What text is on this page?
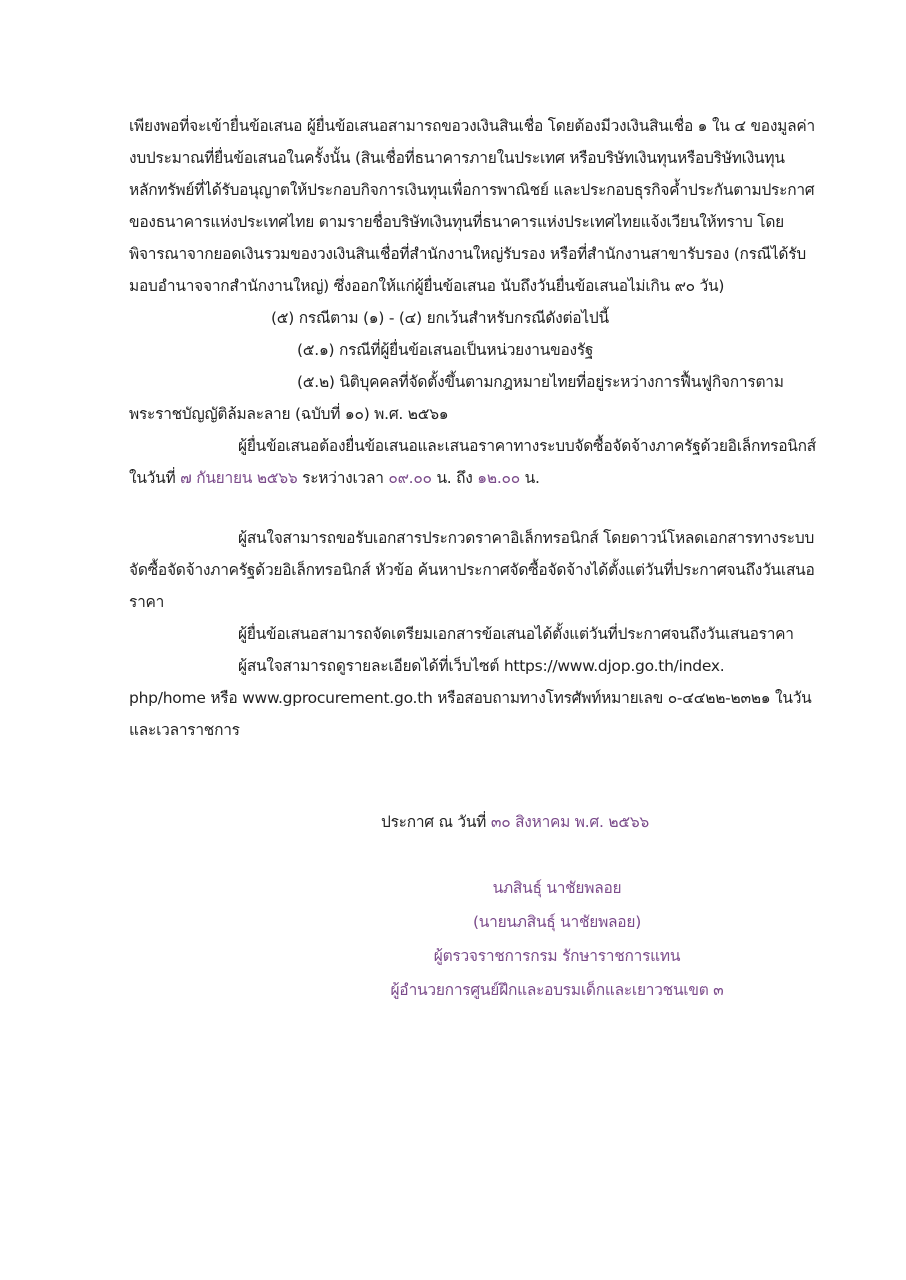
เพียงพอที่จะเข้ายื่นข้อเสนอ ผู้ยื่นข้อเสนอสามารถขอวงเงินสินเชื่อ โดยต้องมีวงเงินสินเชื่อ ๑ ใน ๔ ของมูลค่า

งบประมาณที่ยื่นข้อเสนอในครั้งนั้น (สินเชื่อที่ธนาคารภายในประเทศ หรือบริษัทเงินทุนหรือบริษัทเงินทุน

หลักทรัพย์ที่ได้รับอนุญาตให้ประกอบกิจการเงินทุนเพื่อการพาณิชย์ และประกอบธุรกิจค้ำประกันตามประกาศ

ของธนาคารแห่งประเทศไทย ตามรายชื่อบริษัทเงินทุนที่ธนาคารแห่งประเทศไทยแจ้งเวียนให้ทราบ โดย

พิจารณาจากยอดเงินรวมของวงเงินสินเชื่อที่สำนักงานใหญ่รับรอง หรือที่สำนักงานสาขารับรอง (กรณีได้รับ

มอบอำนาจจากสำนักงานใหญ่) ซึ่งออกให้แก่ผู้ยื่นข้อเสนอ นับถึงวันยื่นข้อเสนอไม่เกิน ๙๐ วัน)

(๕) กรณีตาม (๑) - (๔) ยกเว้นสำหรับกรณีดังต่อไปนี้

(๕.๑) กรณีที่ผู้ยื่นข้อเสนอเป็นหน่วยงานของรัฐ

(๕.๒) นิติบุคคลที่จัดตั้งขึ้นตามกฎหมายไทยที่อยู่ระหว่างการฟื้นฟูกิจการตาม

พระราชบัญญัติล้มละลาย (ฉบับที่ ๑๐) พ.ศ. ๒๕๖๑

ผู้ยื่นข้อเสนอต้องยื่นข้อเสนอและเสนอราคาทางระบบจัดซื้อจัดจ้างภาครัฐด้วยอิเล็กทรอนิกส์

ในวันที่ ๗ กันยายน ๒๕๖๖ ระหว่างเวลา ๐๙.๐๐ น. ถึง ๑๒.๐๐ น.

ผู้สนใจสามารถขอรับเอกสารประกวดราคาอิเล็กทรอนิกส์ โดยดาวน์โหลดเอกสารทางระบบ

จัดซื้อจัดจ้างภาครัฐด้วยอิเล็กทรอนิกส์ หัวข้อ ค้นหาประกาศจัดซื้อจัดจ้างได้ตั้งแต่วันที่ประกาศจนถึงวันเสนอ

ราคา

ผู้ยื่นข้อเสนอสามารถจัดเตรียมเอกสารข้อเสนอได้ตั้งแต่วันที่ประกาศจนถึงวันเสนอราคา

ผู้สนใจสามารถดูรายละเอียดได้ที่เว็บไซต์ https://www.djop.go.th/index.

php/home หรือ www.gprocurement.go.th หรือสอบถามทางโทรศัพท์หมายเลข ๐-๔๔๒๒-๒๓๒๑ ในวัน

และเวลาราชการ

ประกาศ ณ วันที่ ๓๐ สิงหาคม พ.ศ. ๒๕๖๖

นภสินธุ์ นาชัยพลอย

(นายนภสินธุ์ นาชัยพลอย)

ผู้ตรวจราชการกรม รักษาราชการแทน

ผู้อำนวยการศูนย์ฝึกและอบรมเด็กและเยาวชนเขต ๓
